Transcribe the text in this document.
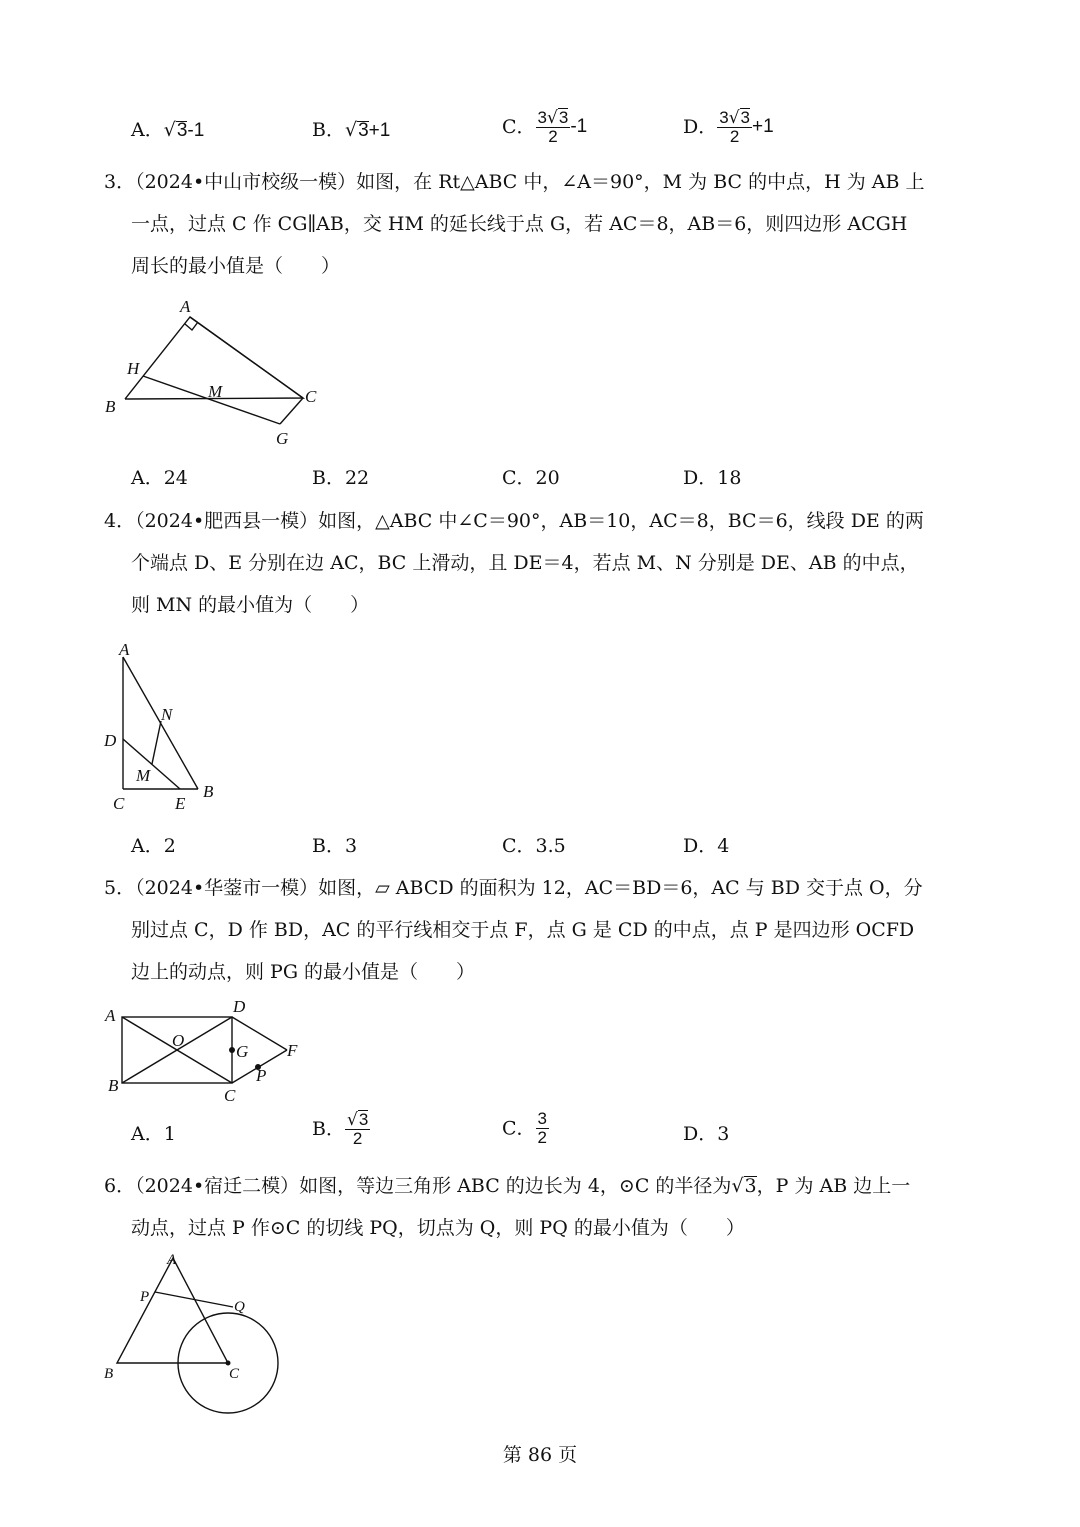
A．√3-1	B．√3+1	C． $\frac{3√3}{2} -1$	D． $\frac{3√3}{2} +1$
3．（2024•中山市校级一模）如图，在 Rt△ABC 中，∠A＝90°，M 为 BC 的中点，H 为 AB 上
一点，过点 C 作 CG∥AB，交 HM 的延长线于点 G，若 AC＝8，AB＝6，则四边形 ACGH
周长的最小值是（　　）
A
H
M
B
C
G
A．24	B．22	C．20	D．18
4．（2024•肥西县一模）如图，△ABC 中∠C＝90°，AB＝10，AC＝8，BC＝6，线段 DE 的两
个端点 D、E 分别在边 AC，BC 上滑动，且 DE＝4，若点 M、N 分别是 DE、AB 的中点，
则 MN 的最小值为（　　）
A
N
D
M
C	E
B
A．2	B．3	C．3.5	D．4
5．（2024•华蓥市一模）如图，▱ ABCD 的面积为 12，AC＝BD＝6，AC 与 BD 交于点 O，分
别过点 C，D 作 BD，AC 的平行线相交于点 F，点 G 是 CD 的中点，点 P 是四边形 OCFD
边上的动点，则 PG 的最小值是（　　）
A	D
O
G F
B
P
C
A．1	B． $\frac{√3}{2}$	C． $\frac{3}{2}$	D．3
6．（2024•宿迁二模）如图，等边三角形 ABC 的边长为 4，⊙C 的半径为√3，P 为 AB 边上一
动点，过点 P 作⊙C 的切线 PQ，切点为 Q，则 PQ 的最小值为（　　）
A
P
Q
B	C
第 86 页
